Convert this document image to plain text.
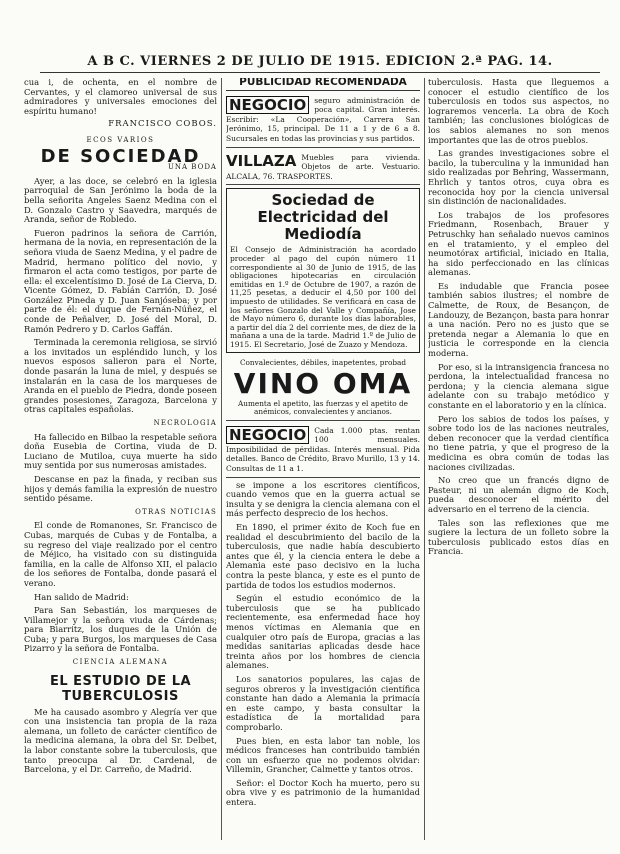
A B C. VIERNES 2 DE JULIO DE 1915. EDICION 2.ª PAG. 14.

cua i, de ochenta, en el nombre de Cervantes, y el clamoreo universal de sus admiradores y universales emociones del espíritu humano!

FRANCISCO COBOS.
ECOS VARIOS
DE SOCIEDAD
UNA BODA

Ayer, a las doce, se celebró en la iglesia parroquial de San Jerónimo la boda de la bella señorita Angeles Saenz Medina con el D. Gonzalo Castro y Saavedra, marqués de Aranda, señor de Robledo.

Fueron padrinos la señora de Carrión, hermana de la novia, en representación de la señora viuda de Saenz Medina, y el padre de Madrid, hermano político del novio, y firmaron el acta como testigos, por parte de ella: el excelentísimo D. José de La Cierva, D. Vicente Gómez, D. Fabián Carrión, D. José González Pineda y D. Juan Sanjóseba; y por parte de él: el duque de Fernán-Núñez, el conde de Peñalver, D. José del Moral, D. Ramón Pedrero y D. Carlos Gaffán.

Terminada la ceremonia religiosa, se sirvió a los invitados un espléndido lunch, y los nuevos esposos salieron para el Norte, donde pasarán la luna de miel, y después se instalarán en la casa de los marqueses de Aranda en el pueblo de Piedra, donde poseen grandes posesiones, Zaragoza, Barcelona y otras capitales españolas.

NECROLOGIA

Ha fallecido en Bilbao la respetable señora doña Eusebia de Cortina, viuda de D. Luciano de Mutiloa, cuya muerte ha sido muy sentida por sus numerosas amistades.

Descanse en paz la finada, y reciban sus hijos y demás familia la expresión de nuestro sentido pésame.

OTRAS NOTICIAS

El conde de Romanones, Sr. Francisco de Cubas, marqués de Cubas y de Fontalba, a su regreso del viaje realizado por el centro de Méjico, ha visitado con su distinguida familia, en la calle de Alfonso XII, el palacio de los señores de Fontalba, donde pasará el verano.

Han salido de Madrid:

Para San Sebastián, los marqueses de Villamejor y la señora viuda de Cárdenas; para Biarritz, los duques de la Unión de Cuba; y para Burgos, los marqueses de Casa Pizarro y la señora de Fontalba.

CIENCIA ALEMANA
EL ESTUDIO DE LA TUBERCULOSIS

Me ha causado asombro y Alegría ver que con una insistencia tan propia de la raza alemana, un folleto de carácter científico de la medicina alemana, la obra del Sr. Delbet, la labor constante sobre la tuberculosis, que tanto preocupa al Dr. Cardenal, de Barcelona, y el Dr. Carreño, de Madrid.

PUBLICIDAD RECOMENDADA
NEGOCIO	seguro administración de poca capital. Gran interés. Escribir: «La Cooperación», Carrera San Jerónimo, 15, principal. De 11 a 1 y de 6 a 8. Sucursales en todas las provincias y sus partidos.
VILLAZA Muebles para vivienda. Objetos de arte. Vestuario. ALCALA, 76. TRASPORTES.
Sociedad de Electricidad del Mediodía
El Consejo de Administración ha acordado proceder al pago del cupón número 11 correspondiente al 30 de Junio de 1915, de las obligaciones hipotecarias en circulación emitidas en 1.º de Octubre de 1907, a razón de 11,25 pesetas, a deducir el 4,50 por 100 del impuesto de utilidades. Se verificará en casa de los señores Gonzalo del Valle y Compañía, Jose de Mayo número 6, durante los días laborables, a partir del día 2 del corriente mes, de diez de la mañana a una de la tarde. Madrid 1.º de Julio de 1915. El Secretario, José de Zuazo y Mendoza.
Convalecientes, débiles, inapetentes, probad
VINO OMA
Aumenta el apetito, las fuerzas y el apetito de anémicos, convalecientes y ancianos.
NEGOCIO	Cada 1.000 ptas. rentan 100 mensuales. Imposibilidad de pérdidas. Interés mensual. Pida detalles. Banco de Crédito, Bravo Murillo, 13 y 14. Consultas de 11 a 1.

se impone a los escritores científicos, cuando vemos que en la guerra actual se insulta y se denigra la ciencia alemana con el más perfecto desprecio de los hechos.

En 1890, el primer éxito de Koch fue en realidad el descubrimiento del bacilo de la tuberculosis, que nadie había descubierto antes que él, y la ciencia entera le debe a Alemania este paso decisivo en la lucha contra la peste blanca, y este es el punto de partida de todos los estudios modernos.

Según el estudio económico de la tuberculosis que se ha publicado recientemente, esa enfermedad hace hoy menos víctimas en Alemania que en cualquier otro país de Europa, gracias a las medidas sanitarias aplicadas desde hace treinta años por los hombres de ciencia alemanes.

Los sanatorios populares, las cajas de seguros obreros y la investigación científica constante han dado a Alemania la primacía en este campo, y basta consultar la estadística de la mortalidad para comprobarlo.

Pues bien, en esta labor tan noble, los médicos franceses han contribuido también con un esfuerzo que no podemos olvidar: Villemin, Grancher, Calmette y tantos otros.

Señor: el Doctor Koch ha muerto, pero su obra vive y es patrimonio de la humanidad entera.

tuberculosis. Hasta que lleguemos a conocer el estudio científico de los tuberculosis en todos sus aspectos, no lograremos vencerla. La obra de Koch también; las conclusiones biológicas de los sabios alemanes no son menos importantes que las de otros pueblos.

Las grandes investigaciones sobre el bacilo, la tuberculina y la inmunidad han sido realizadas por Behring, Wassermann, Ehrlich y tantos otros, cuya obra es reconocida hoy por la ciencia universal sin distinción de nacionalidades.

Los trabajos de los profesores Friedmann, Rosenbach, Brauer y Petruschky han señalado nuevos caminos en el tratamiento, y el empleo del neumotórax artificial, iniciado en Italia, ha sido perfeccionado en las clínicas alemanas.

Es indudable que Francia posee también sabios ilustres; el nombre de Calmette, de Roux, de Besançon, de Landouzy, de Bezançon, basta para honrar a una nación. Pero no es justo que se pretenda negar a Alemania lo que en justicia le corresponde en la ciencia moderna.

Por eso, si la intransigencia francesa no perdona, la intelectualidad francesa no perdona; y la ciencia alemana sigue adelante con su trabajo metódico y constante en el laboratorio y en la clínica.

Pero los sabios de todos los países, y sobre todo los de las naciones neutrales, deben reconocer que la verdad científica no tiene patria, y que el progreso de la medicina es obra común de todas las naciones civilizadas.

No creo que un francés digno de Pasteur, ni un alemán digno de Koch, pueda desconocer el mérito del adversario en el terreno de la ciencia.

Tales son las reflexiones que me sugiere la lectura de un folleto sobre la tuberculosis publicado estos días en Francia.
